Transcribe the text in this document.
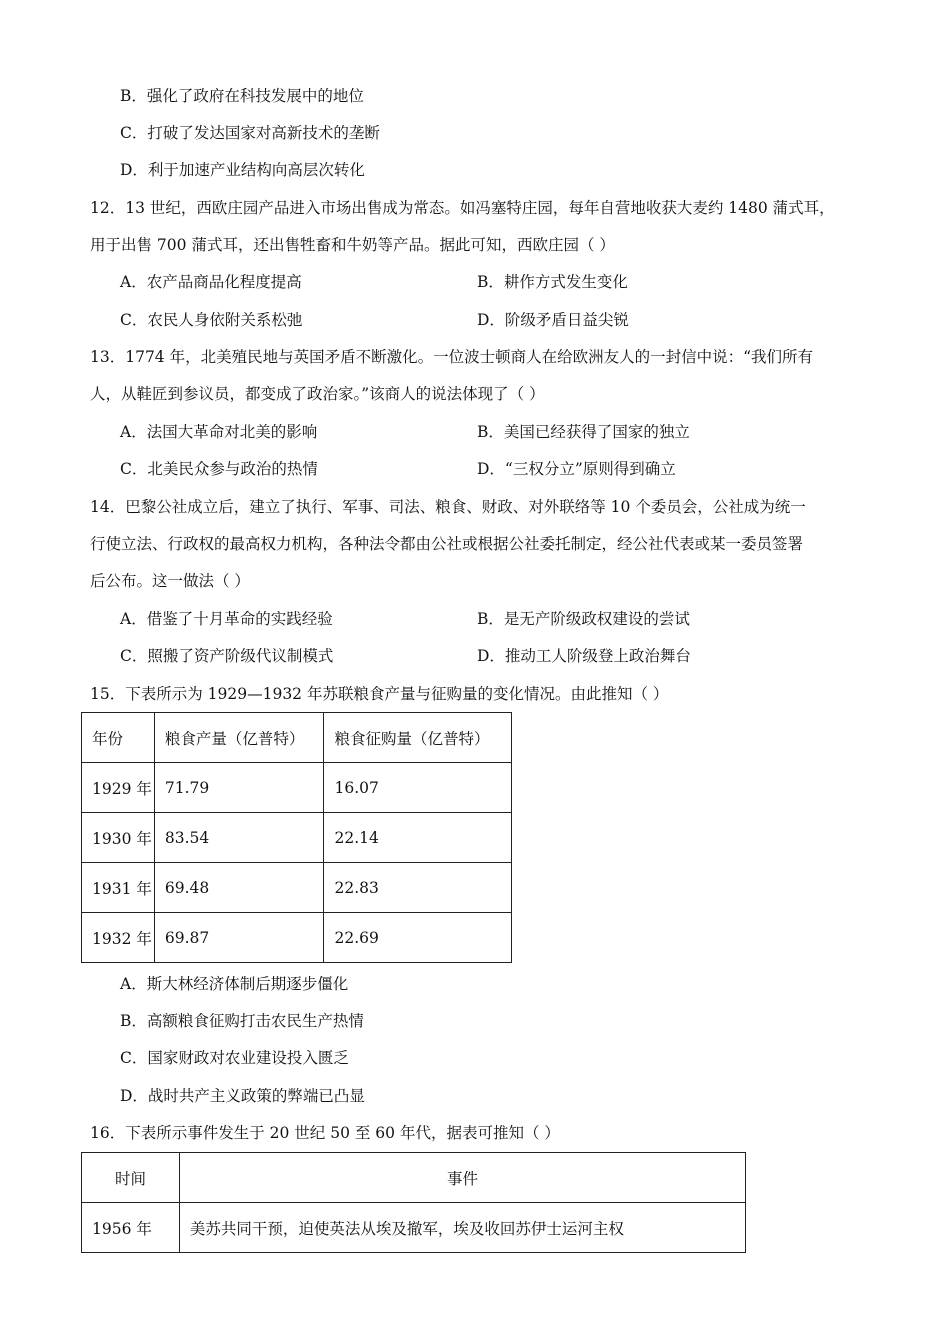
B．强化了政府在科技发展中的地位
C．打破了发达国家对高新技术的垄断
D．利于加速产业结构向高层次转化
12．13 世纪，西欧庄园产品进入市场出售成为常态。如冯塞特庄园，每年自营地收获大麦约 1480 蒲式耳，
用于出售 700 蒲式耳，还出售牲畜和牛奶等产品。据此可知，西欧庄园（ ）
A．农产品商品化程度提高	B．耕作方式发生变化
C．农民人身依附关系松弛	D．阶级矛盾日益尖锐
13．1774 年，北美殖民地与英国矛盾不断激化。一位波士顿商人在给欧洲友人的一封信中说：“我们所有
人，从鞋匠到参议员，都变成了政治家。”该商人的说法体现了（ ）
A．法国大革命对北美的影响	B．美国已经获得了国家的独立
C．北美民众参与政治的热情	D．“三权分立”原则得到确立
14．巴黎公社成立后，建立了执行、军事、司法、粮食、财政、对外联络等 10 个委员会，公社成为统一
行使立法、行政权的最高权力机构，各种法令都由公社或根据公社委托制定，经公社代表或某一委员签署
后公布。这一做法（ ）
A．借鉴了十月革命的实践经验	B．是无产阶级政权建设的尝试
C．照搬了资产阶级代议制模式	D．推动工人阶级登上政治舞台
15．下表所示为 1929—1932 年苏联粮食产量与征购量的变化情况。由此推知（ ）
年份	粮食产量（亿普特）	粮食征购量（亿普特）
1929 年	71.79	16.07
1930 年	83.54	22.14
1931 年	69.48	22.83
1932 年	69.87	22.69
A．斯大林经济体制后期逐步僵化
B．高额粮食征购打击农民生产热情
C．国家财政对农业建设投入匮乏
D．战时共产主义政策的弊端已凸显
16．下表所示事件发生于 20 世纪 50 至 60 年代，据表可推知（ ）
时间	事件
1956 年	美苏共同干预，迫使英法从埃及撤军，埃及收回苏伊士运河主权
